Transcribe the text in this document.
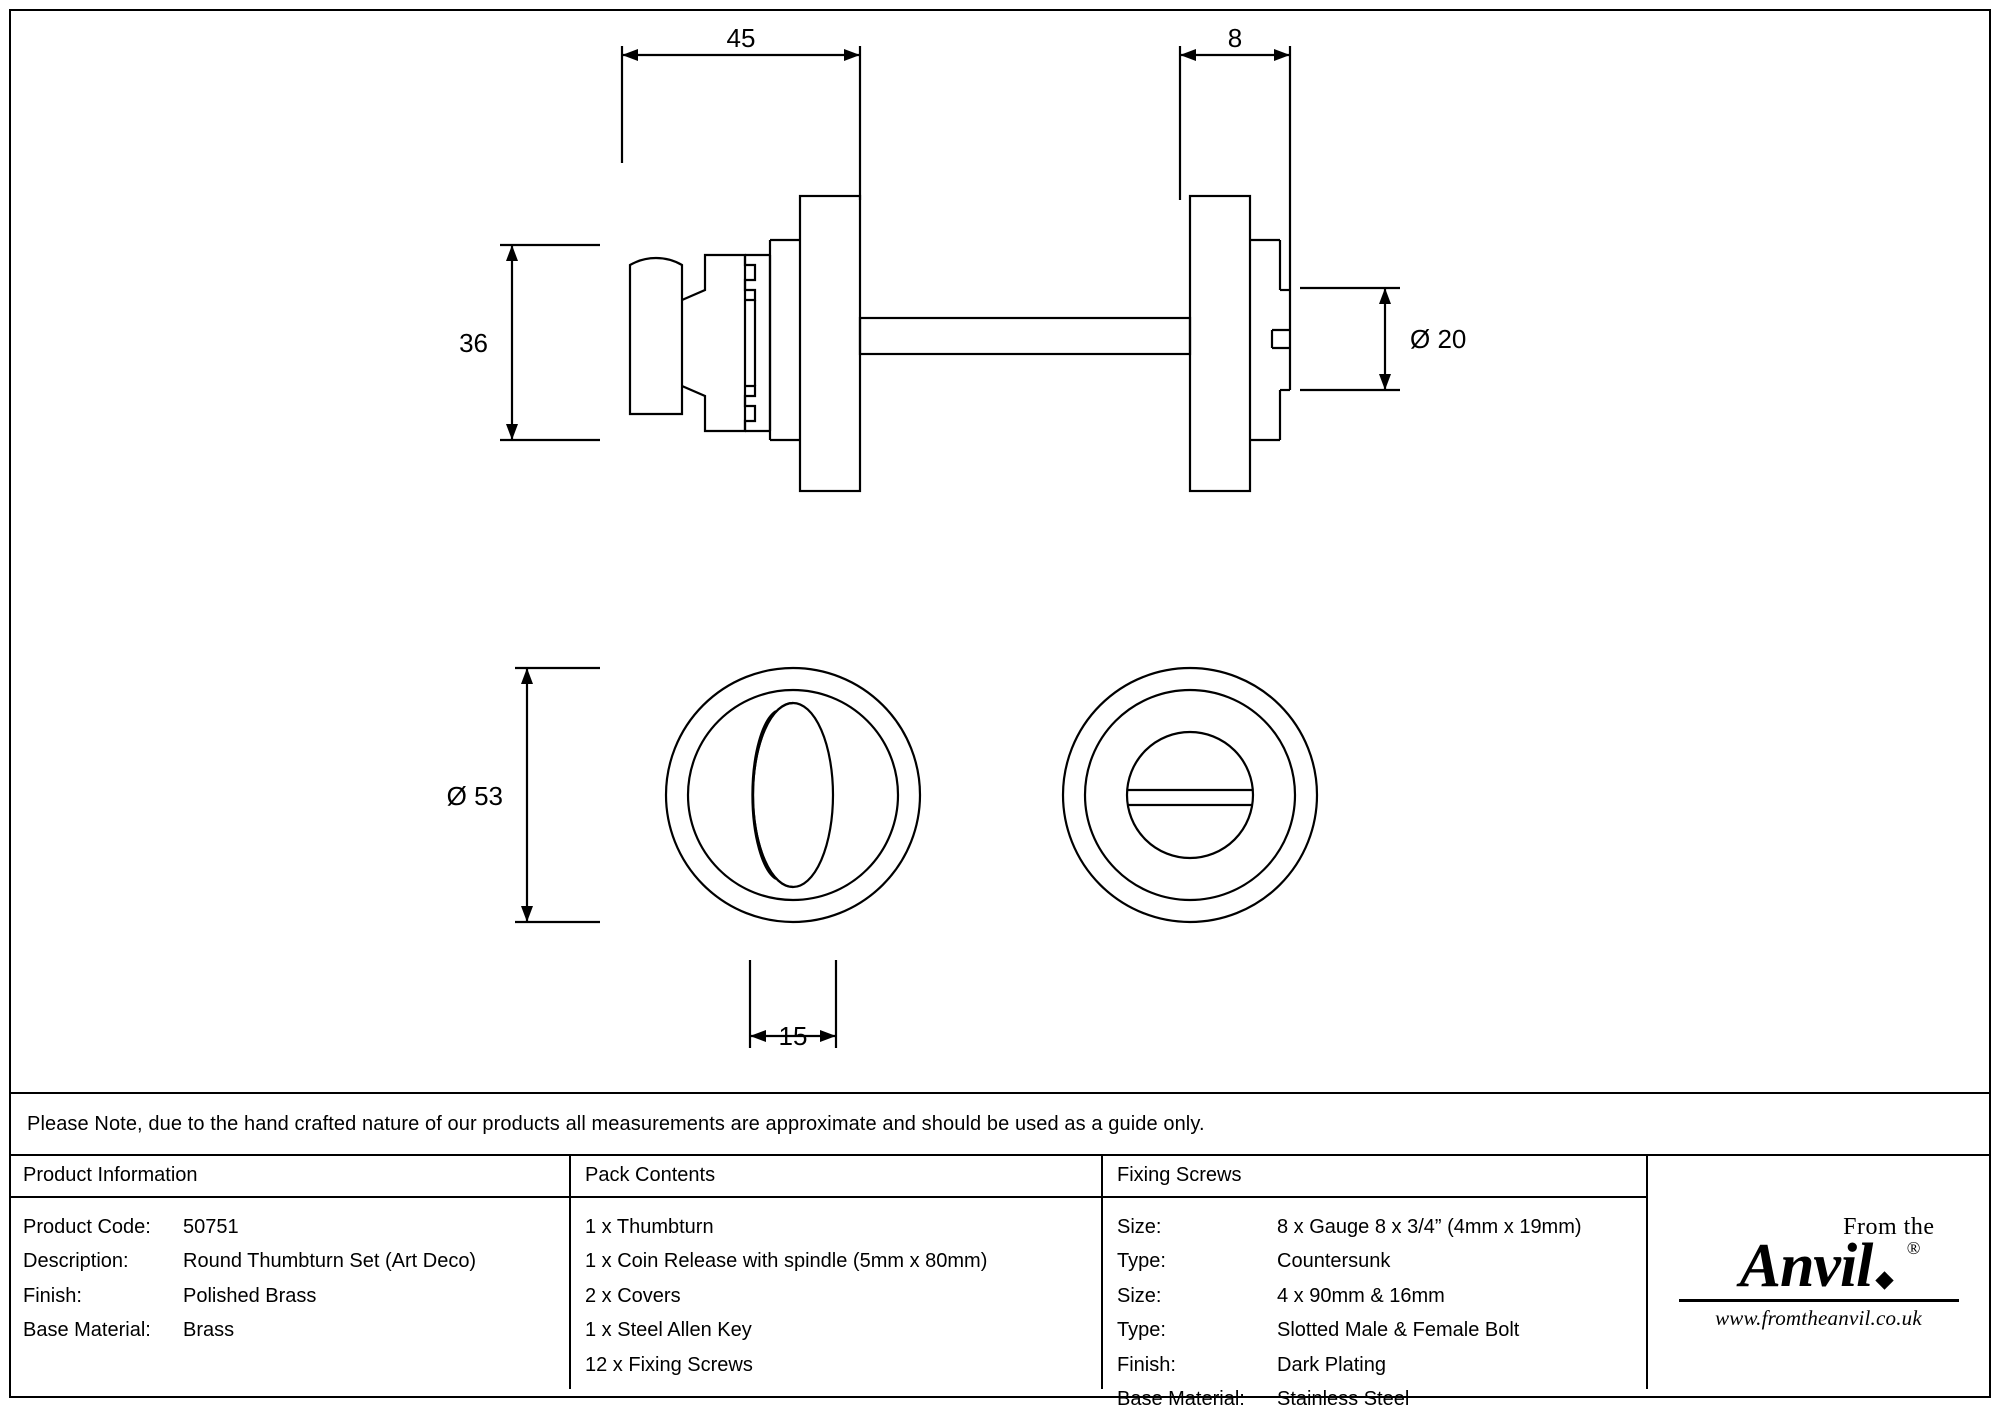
45	8
36	Ø 20
Ø 53
15
Please Note, due to the hand crafted nature of our products all measurements are approximate and should be used as a guide only.
Product Information
Product Code:	50751
Description:	Round Thumbturn Set (Art Deco)
Finish:	Polished Brass
Base Material:	Brass
Pack Contents
1 x Thumbturn
1 x Coin Release with spindle (5mm x 80mm)
2 x Covers
1 x Steel Allen Key
12 x Fixing Screws
Fixing Screws
Size:	8 x Gauge 8 x 3/4” (4mm x 19mm)
Type:	Countersunk
Size:	4 x 90mm & 16mm
Type:	Slotted Male & Female Bolt
Finish:	Dark Plating
Base Material:	Stainless Steel
From the
Anvil ®
www.fromtheanvil.co.uk
